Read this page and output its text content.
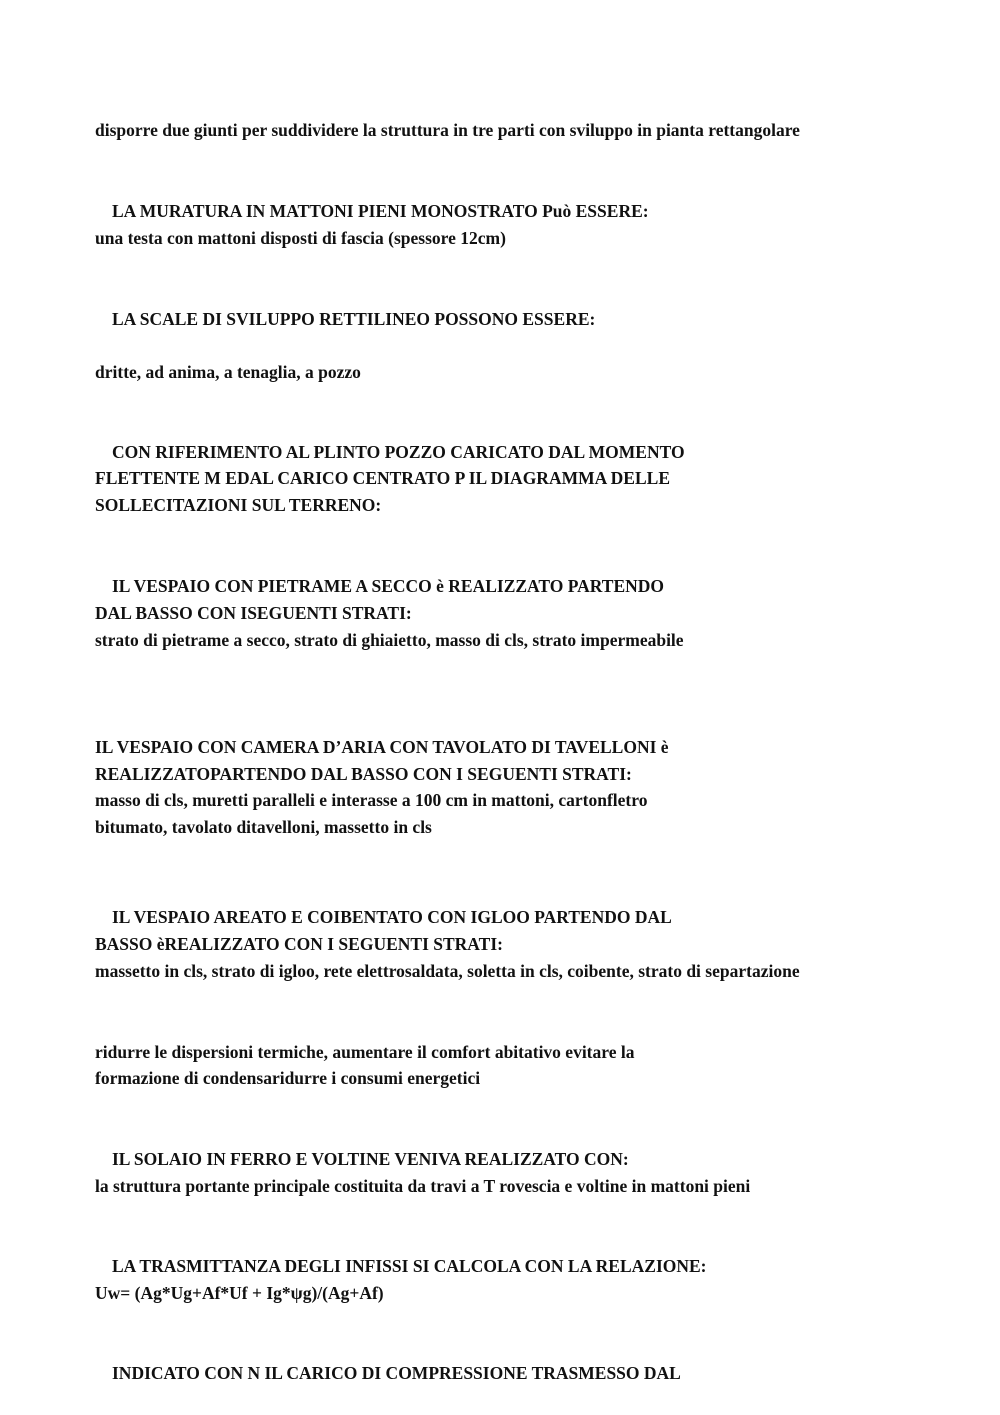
disporre due giunti per suddividere la struttura in tre parti con sviluppo in pianta rettangolare

LA MURATURA IN MATTONI PIENI MONOSTRATO Può ESSERE:

una testa con mattoni disposti di fascia (spessore 12cm)

LA SCALE DI SVILUPPO RETTILINEO POSSONO ESSERE:

dritte, ad anima, a tenaglia, a pozzo

CON RIFERIMENTO AL PLINTO POZZO CARICATO DAL MOMENTO

FLETTENTE M EDAL CARICO CENTRATO P IL DIAGRAMMA DELLE

SOLLECITAZIONI SUL TERRENO:

IL VESPAIO CON PIETRAME A SECCO è REALIZZATO PARTENDO

DAL BASSO CON ISEGUENTI STRATI:

strato di pietrame a secco, strato di ghiaietto, masso di cls, strato impermeabile

IL VESPAIO CON CAMERA D’ARIA CON TAVOLATO DI TAVELLONI è

REALIZZATOPARTENDO DAL BASSO CON I SEGUENTI STRATI:

masso di cls, muretti paralleli e interasse a 100 cm in mattoni, cartonfletro

bitumato, tavolato ditavelloni, massetto in cls

IL VESPAIO AREATO E COIBENTATO CON IGLOO PARTENDO DAL

BASSO èREALIZZATO CON I SEGUENTI STRATI:

massetto in cls, strato di igloo, rete elettrosaldata, soletta in cls, coibente, strato di separtazione

ridurre le dispersioni termiche, aumentare il comfort abitativo evitare la

formazione di condensaridurre i consumi energetici

IL SOLAIO IN FERRO E VOLTINE VENIVA REALIZZATO CON:

la struttura portante principale costituita da travi a T rovescia e voltine in mattoni pieni

LA TRASMITTANZA DEGLI INFISSI SI CALCOLA CON LA RELAZIONE:

Uw= (Ag*Ug+Af*Uf + Ig*ψg)/(Ag+Af)

INDICATO CON N IL CARICO DI COMPRESSIONE TRASMESSO DAL
